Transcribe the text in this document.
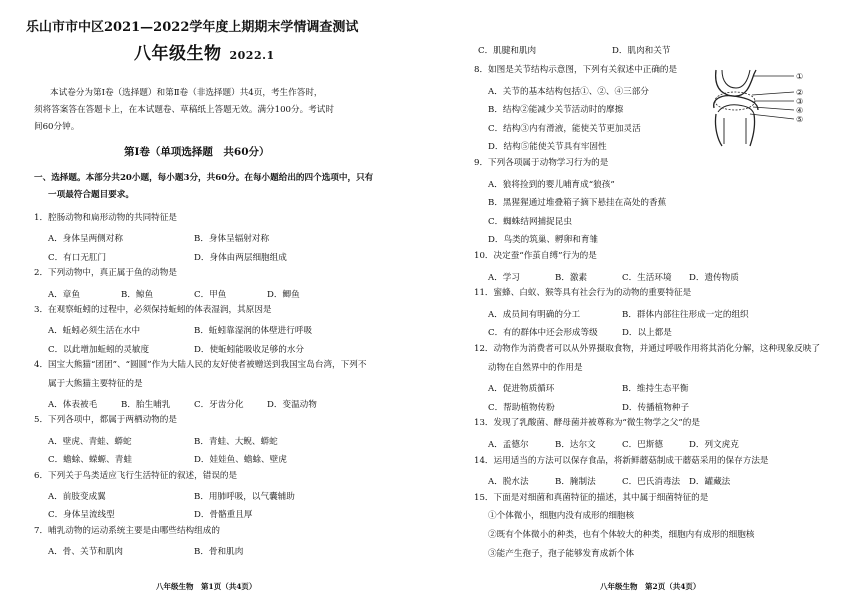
乐山市市中区2021—2022学年度上期期末学情调查测试
八年级生物 2022.1
本试卷分为第Ⅰ卷（选择题）和第Ⅱ卷（非选择题）共4页，考生作答时，
须将答案答在答题卡上，在本试题卷、草稿纸上答题无效。满分100分。考试时
间60分钟。
第Ⅰ卷（单项选择题　共60分）
一、选择题。本部分共20小题，每小题3分，共60分。在每小题给出的四个选项中，只有
一项最符合题目要求。
1．腔肠动物和扁形动物的共同特征是
A．身体呈两侧对称	B．身体呈辐射对称
C．有口无肛门	D．身体由两层细胞组成
2．下列动物中，真正属于鱼的动物是
A．章鱼	B．鲸鱼	C．甲鱼	D．鲫鱼
3．在观察蚯蚓的过程中，必须保持蚯蚓的体表湿润，其原因是
A．蚯蚓必须生活在水中	B．蚯蚓靠湿润的体壁进行呼吸
C．以此增加蚯蚓的灵敏度	D．使蚯蚓能吸收足够的水分
4．国宝大熊猫“团团”、“圆圆”作为大陆人民的友好使者被赠送到我国宝岛台湾，下列不
属于大熊猫主要特征的是
A．体表被毛	B．胎生哺乳	C．牙齿分化	D．变温动物
5．下列各项中，都属于两栖动物的是
A．壁虎、青蛙、蟒蛇	B．青蛙、大鲵、蟒蛇
C．蟾蜍、蝾螈、青蛙	D．娃娃鱼、蟾蜍、壁虎
6．下列关于鸟类适应飞行生活特征的叙述，错误的是
A．前肢变成翼	B．用肺呼吸，以气囊辅助
C．身体呈流线型	D．骨骼重且厚
7．哺乳动物的运动系统主要是由哪些结构组成的
A．骨、关节和肌肉	B．骨和肌肉
八年级生物　第1页（共4页）
C．肌腱和肌肉	D．肌肉和关节
8．如图是关节结构示意图，下列有关叙述中正确的是
A．关节的基本结构包括①、②、④三部分
B．结构②能减少关节活动时的摩擦
C．结构③内有滑液，能使关节更加灵活
D．结构⑤能使关节具有牢固性
9．下列各项属于动物学习行为的是
A．狼将捡到的婴儿哺育成“狼孩”
B．黑猩猩通过堆叠箱子摘下悬挂在高处的香蕉
C．蜘蛛结网捕捉昆虫
D．鸟类的筑巢、孵卵和育雏
10．决定蚕“作茧自缚”行为的是
A．学习	B．激素	C．生活环境 D．遗传物质
11．蜜蜂、白蚁、猴等具有社会行为的动物的重要特征是
A．成员间有明确的分工	B．群体内部往往形成一定的组织
C．有的群体中还会形成等级	D．以上都是
12．动物作为消费者可以从外界摄取食物，并通过呼吸作用将其消化分解，这种现象反映了
动物在自然界中的作用是
A．促进物质循环	B．维持生态平衡
C．帮助植物传粉	D．传播植物种子
13．发现了乳酸菌、酵母菌并被尊称为“微生物学之父”的是
A．孟德尔	B．达尔文	C．巴斯德	D．列文虎克
14．运用适当的方法可以保存食品，将新鲜蘑菇制成干蘑菇采用的保存方法是
A．脱水法	B．腌制法	C．巴氏消毒法 D．罐藏法
15．下面是对细菌和真菌特征的描述，其中属于细菌特征的是
①个体微小，细胞内没有成形的细胞核
②既有个体微小的种类，也有个体较大的种类，细胞内有成形的细胞核
③能产生孢子，孢子能够发育成新个体
①
②
③
④
⑤
八年级生物　第2页（共4页）
